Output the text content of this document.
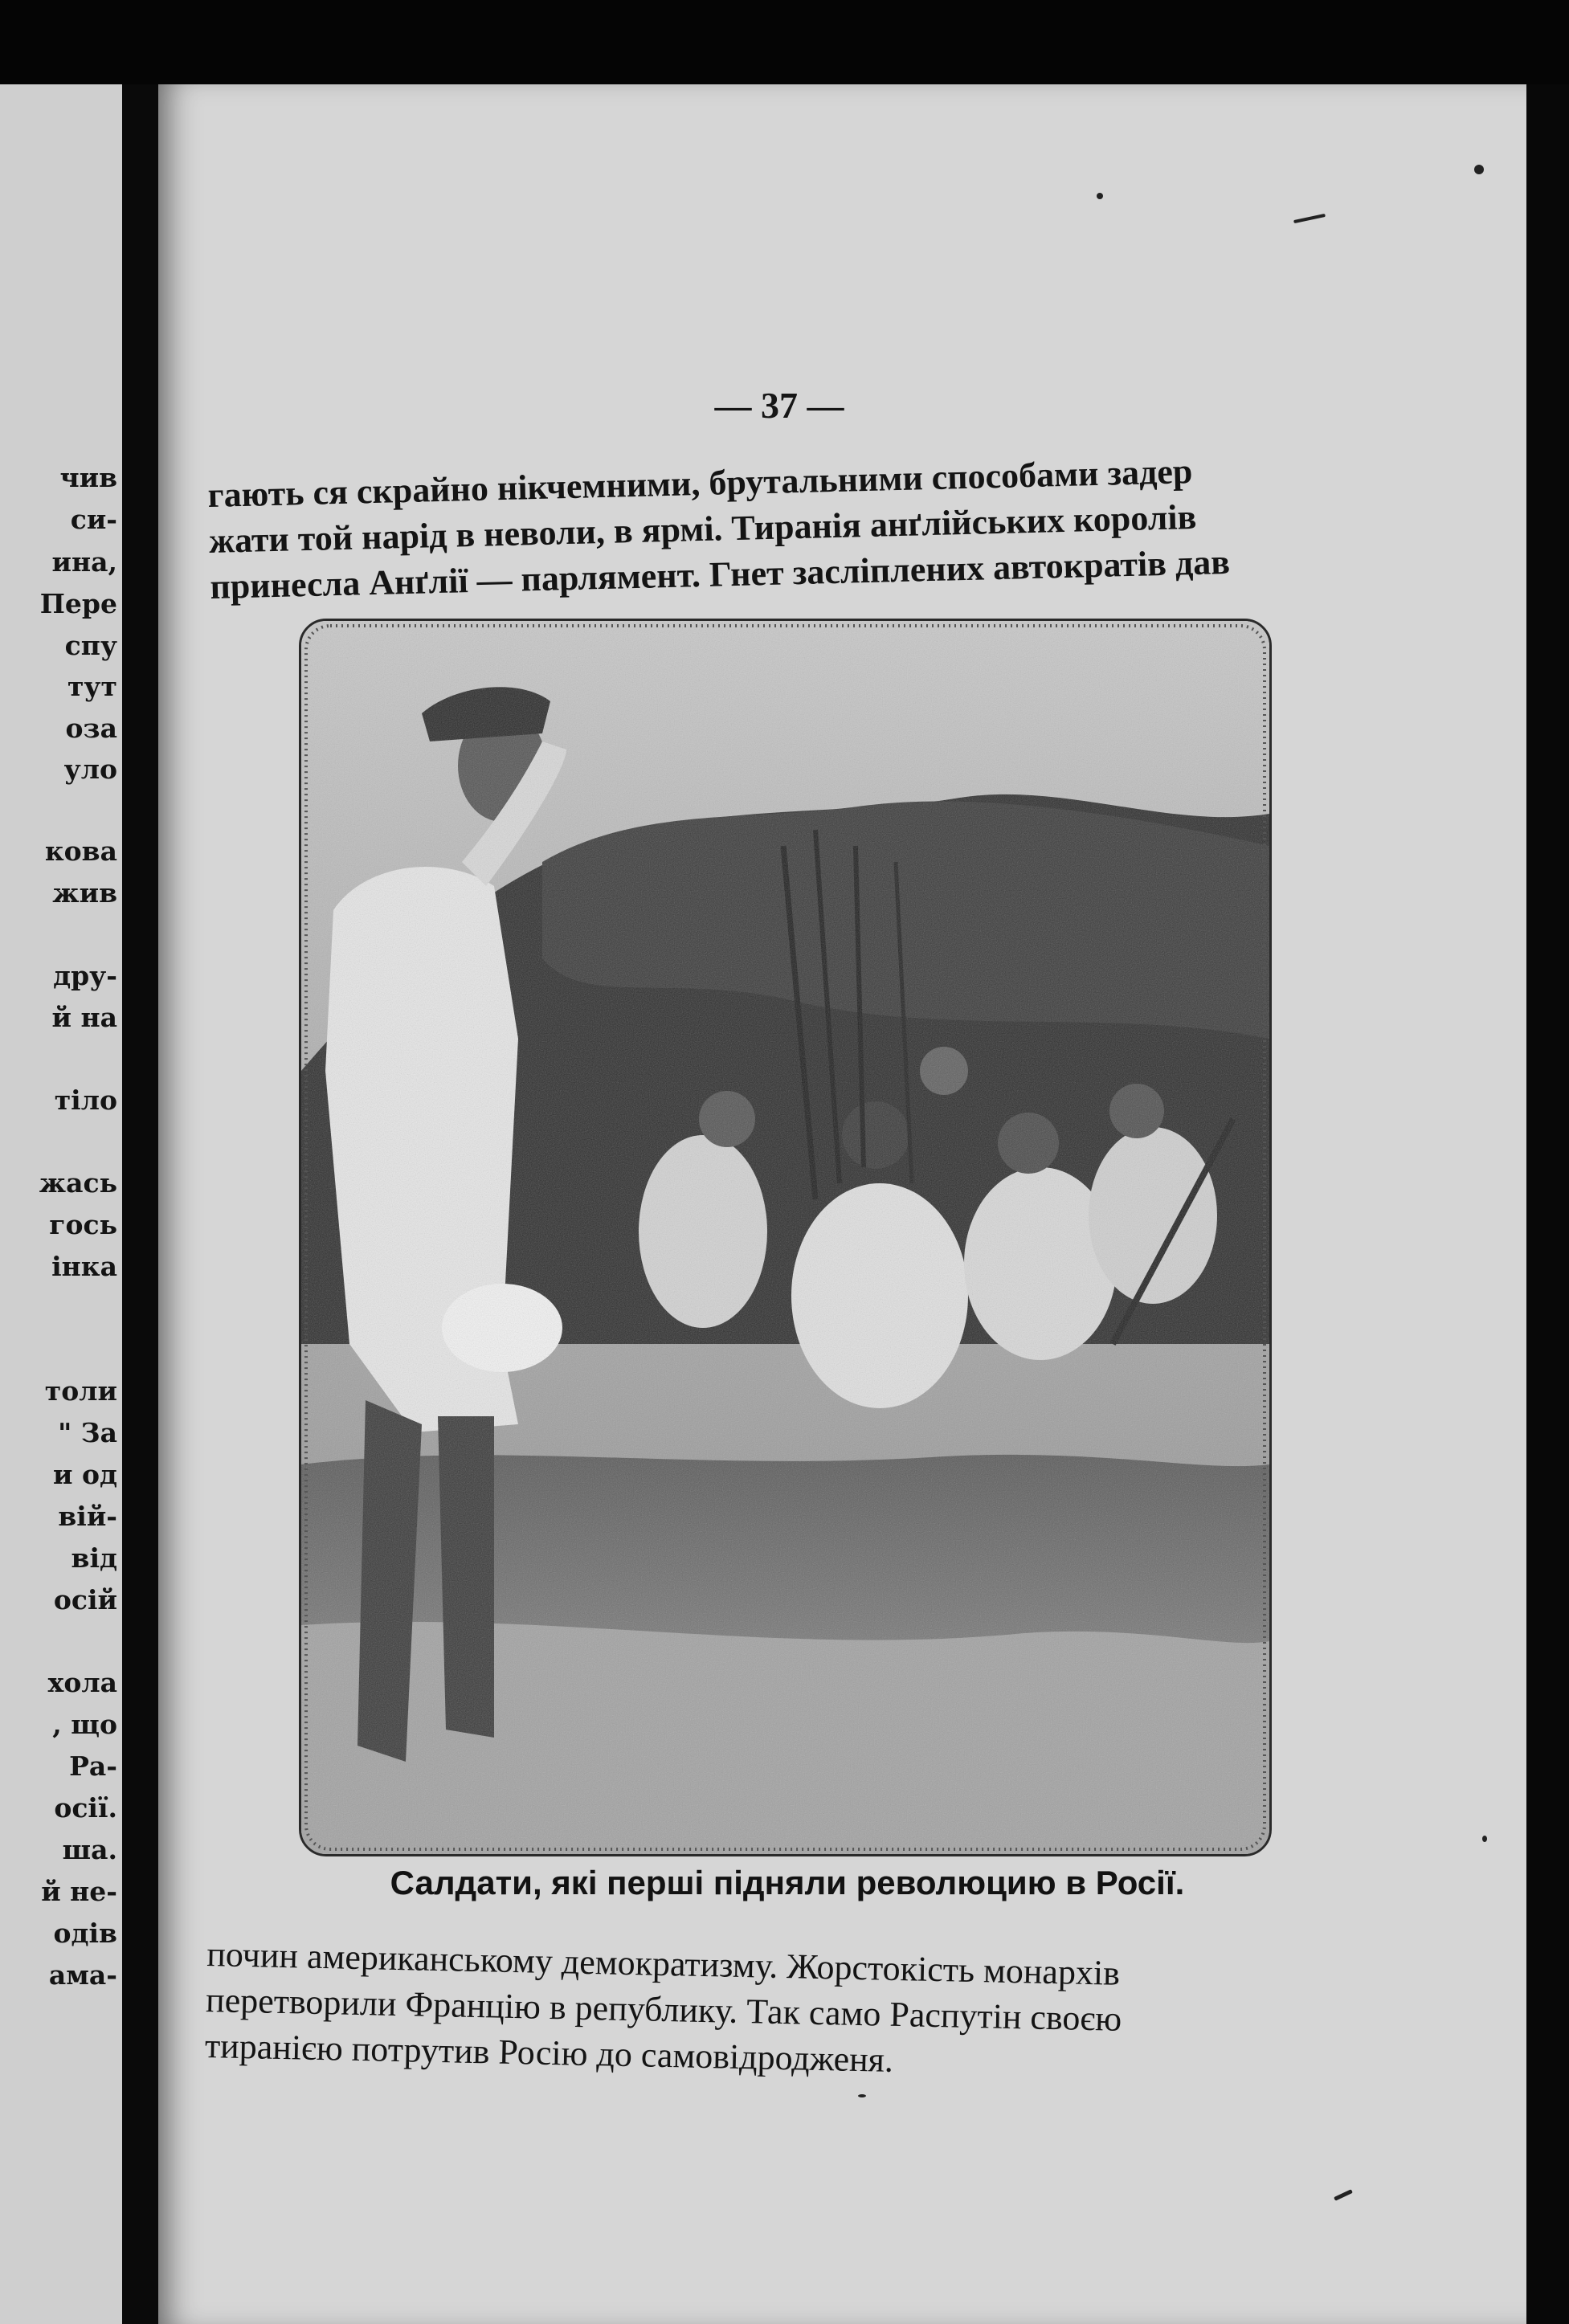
чив
си-
ина,
Пере
спу
тут
оза
уло
кова
жив
дру-
й на
тіло
жась
гось
інка
толи
" За
и од
вій-
від
осій
хола
, що
Ра-
осії.
ша.
й не-
одів
ама-
— 37 —
гають ся скрайно нікчемними, брутальними способами задер
жати той нарід в неволи, в ярмі. Тиранія анґлійських королів
принесла Анґлії — парлямент. Гнет засліплених автократів дав
Салдати, які перші підняли революцию в Росії.
почин американському демократизму. Жорстокість монархів
перетворили Францію в републику. Так само Распутін своєю
тиранією потрутив Росію до самовідродженя.
